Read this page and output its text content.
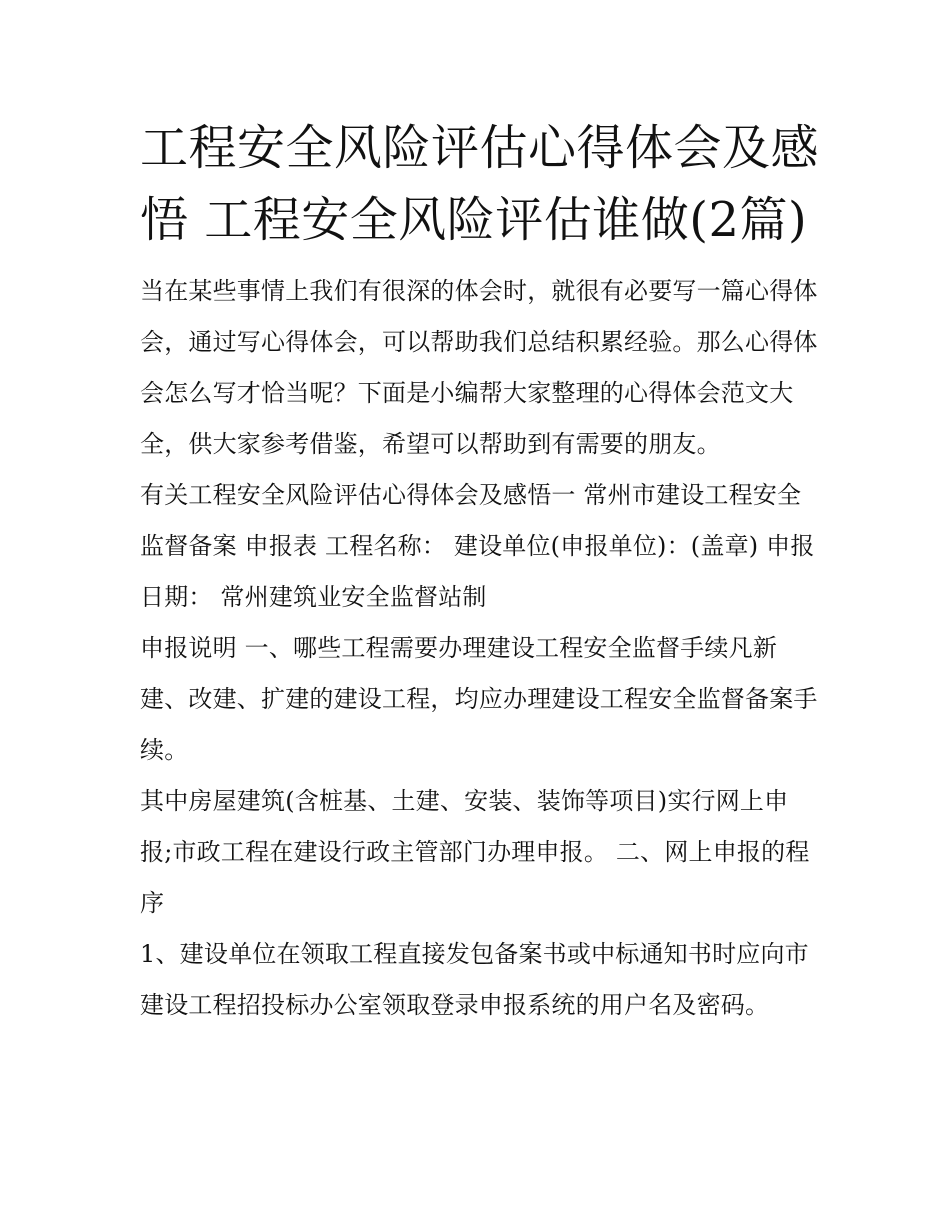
工程安全风险评估心得体会及感悟 工程安全风险评估谁做(2篇)

当在某些事情上我们有很深的体会时，就很有必要写一篇心得体会，通过写心得体会，可以帮助我们总结积累经验。那么心得体会怎么写才恰当呢？下面是小编帮大家整理的心得体会范文大全，供大家参考借鉴，希望可以帮助到有需要的朋友。

有关工程安全风险评估心得体会及感悟一 常州市建设工程安全监督备案 申报表 工程名称： 建设单位(申报单位)：(盖章) 申报日期： 常州建筑业安全监督站制

申报说明 一、哪些工程需要办理建设工程安全监督手续凡新建、改建、扩建的建设工程，均应办理建设工程安全监督备案手续。

其中房屋建筑(含桩基、土建、安装、装饰等项目)实行网上申报;市政工程在建设行政主管部门办理申报。 二、网上申报的程序

1、建设单位在领取工程直接发包备案书或中标通知书时应向市建设工程招投标办公室领取登录申报系统的用户名及密码。
